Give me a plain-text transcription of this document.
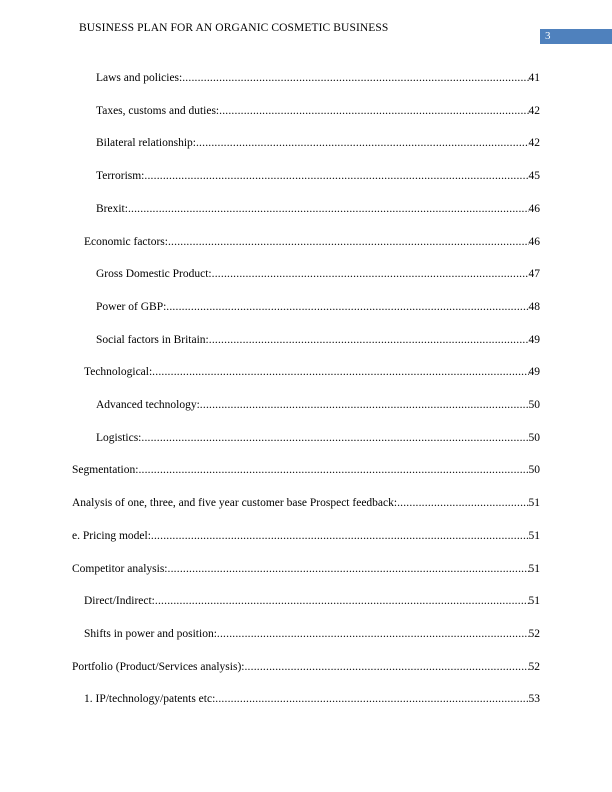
BUSINESS PLAN FOR AN ORGANIC COSMETIC BUSINESS
3
Laws and policies: .....	41
Taxes, customs and duties: .....	42
Bilateral relationship: .....	42
Terrorism: .....	45
Brexit: .....	46
Economic factors: .....	46
Gross Domestic Product: .....	47
Power of GBP: .....	48
Social factors in Britain: .....	49
Technological: .....	49
Advanced technology: .....	50
Logistics: .....	50
Segmentation: .....	50
Analysis of one, three, and five year customer base Prospect feedback: .....	51
e. Pricing model: .....	51
Competitor analysis: .....	51
Direct/Indirect: .....	51
Shifts in power and position: .....	52
Portfolio (Product/Services analysis): .....	52
1. IP/technology/patents etc: .....	53
